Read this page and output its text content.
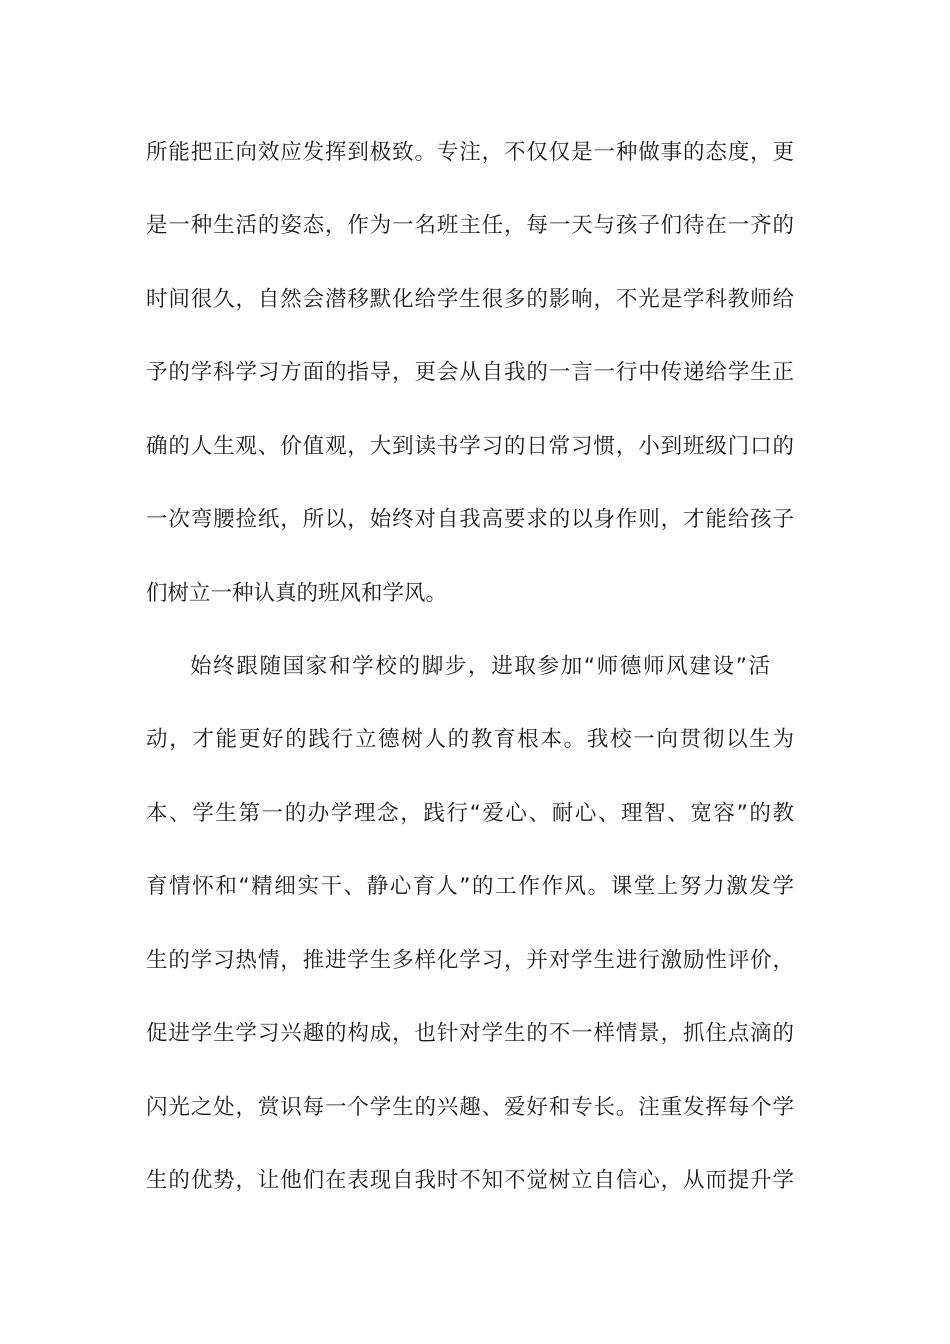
所能把正向效应发挥到极致。专注，不仅仅是一种做事的态度，更
是一种生活的姿态，作为一名班主任，每一天与孩子们待在一齐的
时间很久，自然会潜移默化给学生很多的影响，不光是学科教师给
予的学科学习方面的指导，更会从自我的一言一行中传递给学生正
确的人生观、价值观，大到读书学习的日常习惯，小到班级门口的
一次弯腰捡纸，所以，始终对自我高要求的以身作则，才能给孩子
们树立一种认真的班风和学风。
始终跟随国家和学校的脚步，进取参加“师德师风建设”活
动，才能更好的践行立德树人的教育根本。我校一向贯彻以生为
本、学生第一的办学理念，践行“爱心、耐心、理智、宽容”的教
育情怀和“精细实干、静心育人”的工作作风。课堂上努力激发学
生的学习热情，推进学生多样化学习，并对学生进行激励性评价，
促进学生学习兴趣的构成，也针对学生的不一样情景，抓住点滴的
闪光之处，赏识每一个学生的兴趣、爱好和专长。注重发挥每个学
生的优势，让他们在表现自我时不知不觉树立自信心，从而提升学
